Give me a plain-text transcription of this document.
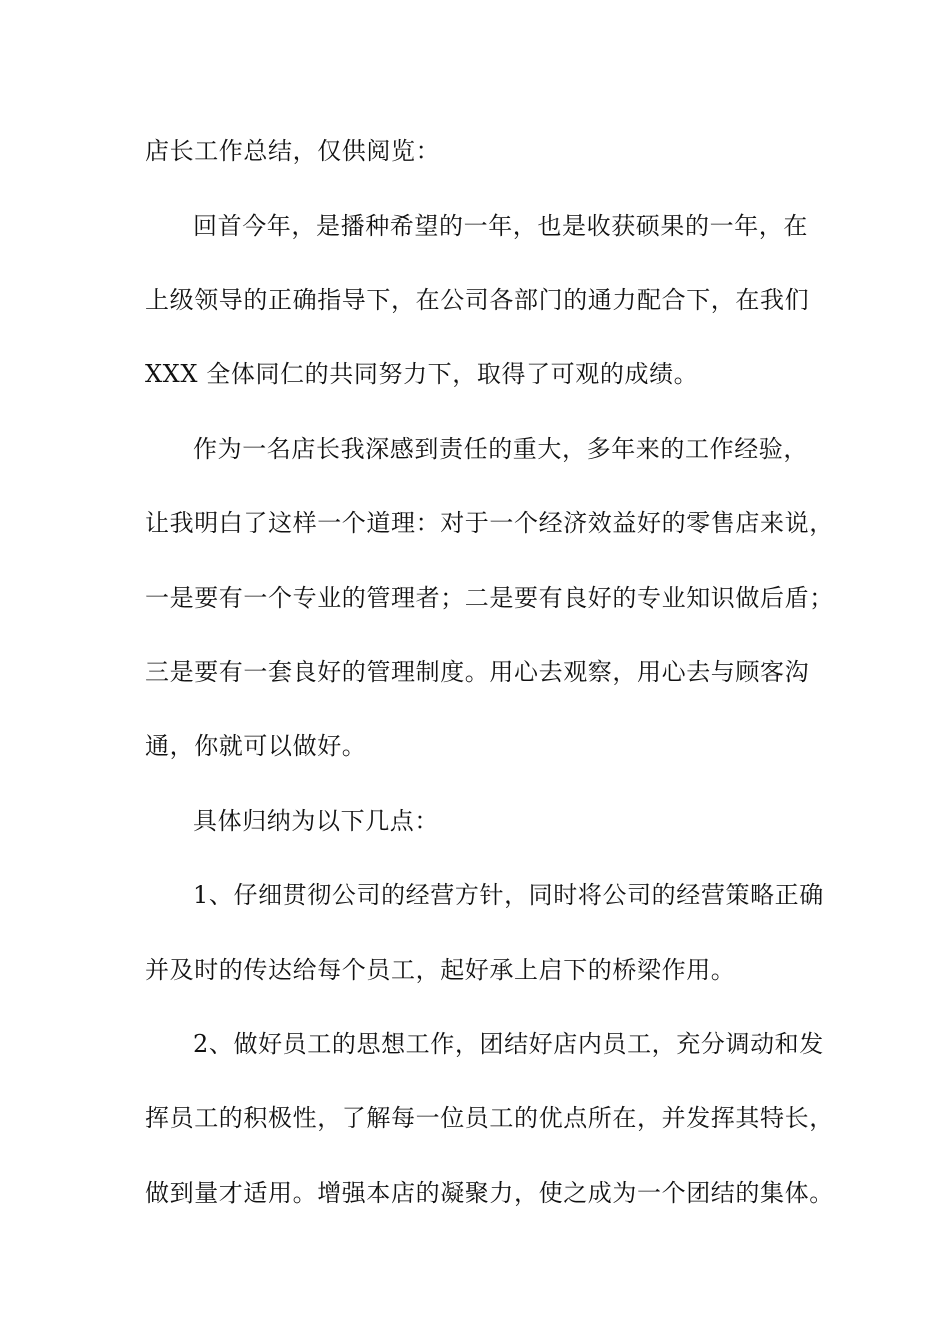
店长工作总结，仅供阅览：
回首今年，是播种希望的一年，也是收获硕果的一年，在
上级领导的正确指导下，在公司各部门的通力配合下，在我们
XXX 全体同仁的共同努力下，取得了可观的成绩。
作为一名店长我深感到责任的重大，多年来的工作经验，
让我明白了这样一个道理：对于一个经济效益好的零售店来说，
一是要有一个专业的管理者；二是要有良好的专业知识做后盾；
三是要有一套良好的管理制度。用心去观察，用心去与顾客沟
通，你就可以做好。
具体归纳为以下几点：
1、仔细贯彻公司的经营方针，同时将公司的经营策略正确
并及时的传达给每个员工，起好承上启下的桥梁作用。
2、做好员工的思想工作，团结好店内员工，充分调动和发
挥员工的积极性，了解每一位员工的优点所在，并发挥其特长，
做到量才适用。增强本店的凝聚力，使之成为一个团结的集体。
